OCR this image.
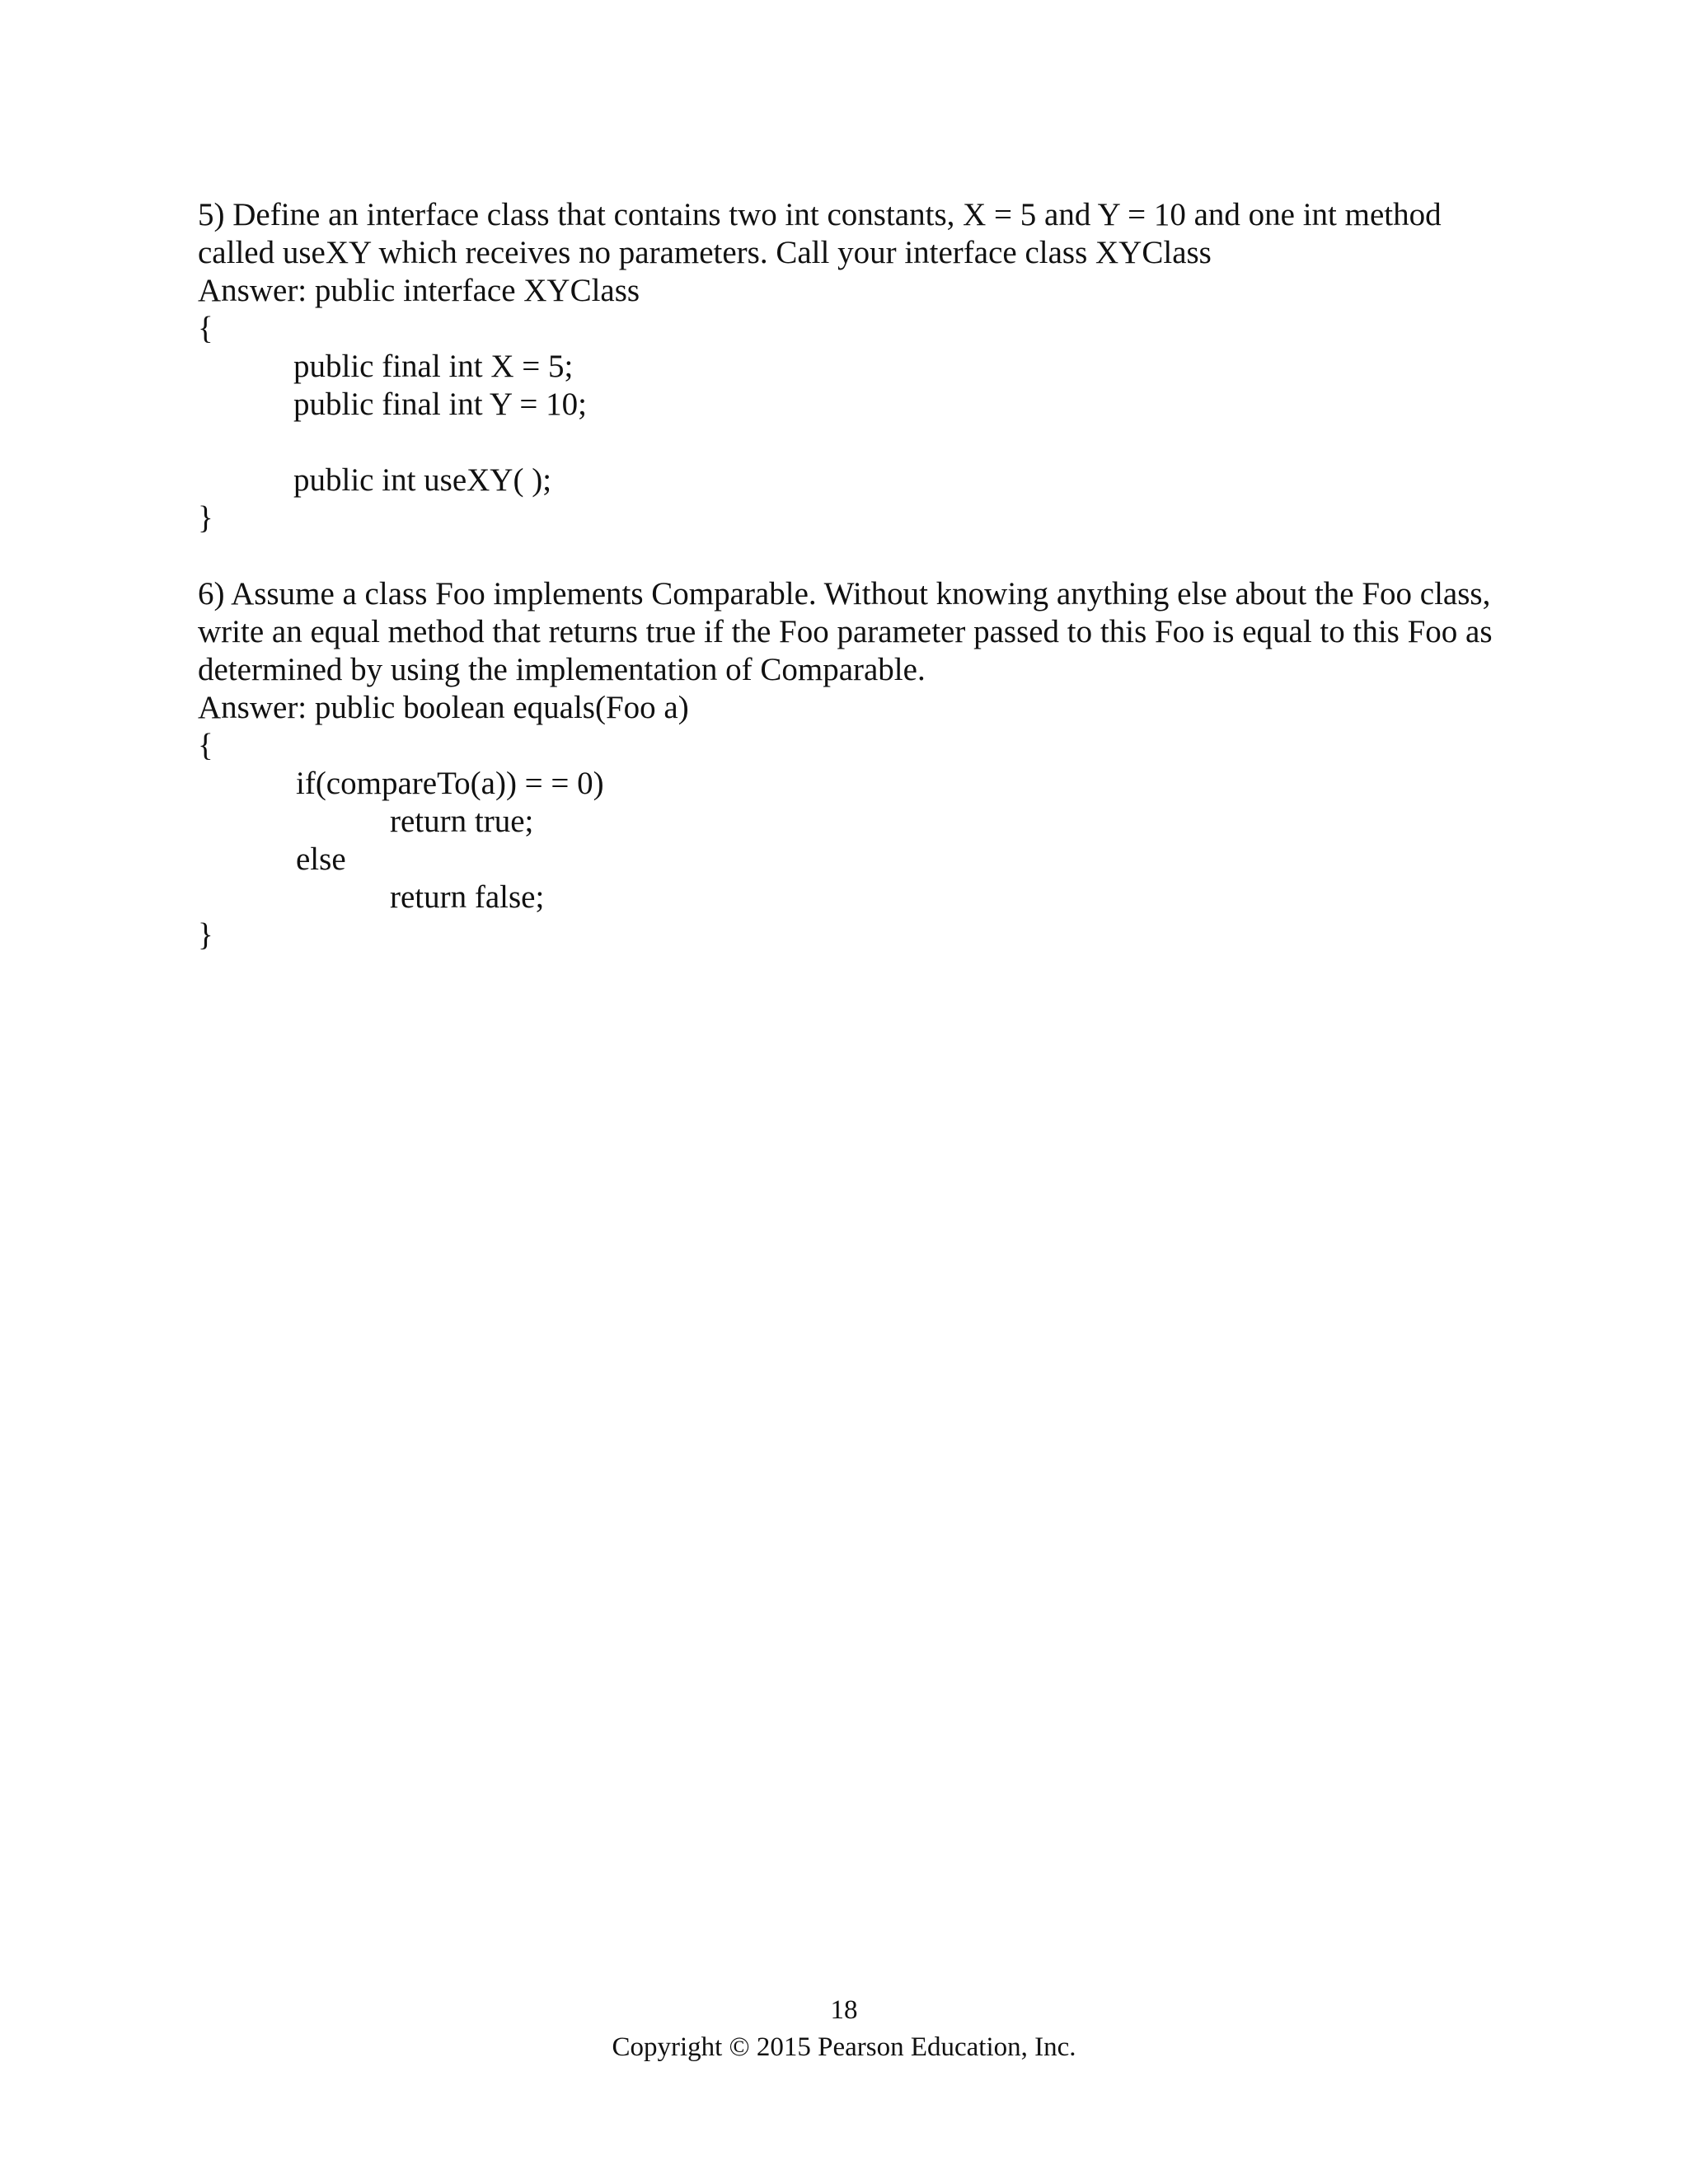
5) Define an interface class that contains two int constants, X = 5 and Y = 10 and one int method called useXY which receives no parameters. Call your interface class XYClass

Answer: public interface XYClass

{
public final int X = 5;
public final int Y = 10;
public int useXY( );
}

6) Assume a class Foo implements Comparable. Without knowing anything else about the Foo class, write an equal method that returns true if the Foo parameter passed to this Foo is equal to this Foo as determined by using the implementation of Comparable.

Answer: public boolean equals(Foo a)

{
if(compareTo(a)) = = 0)
return true;
else
return false;
}
18
Copyright © 2015 Pearson Education, Inc.
